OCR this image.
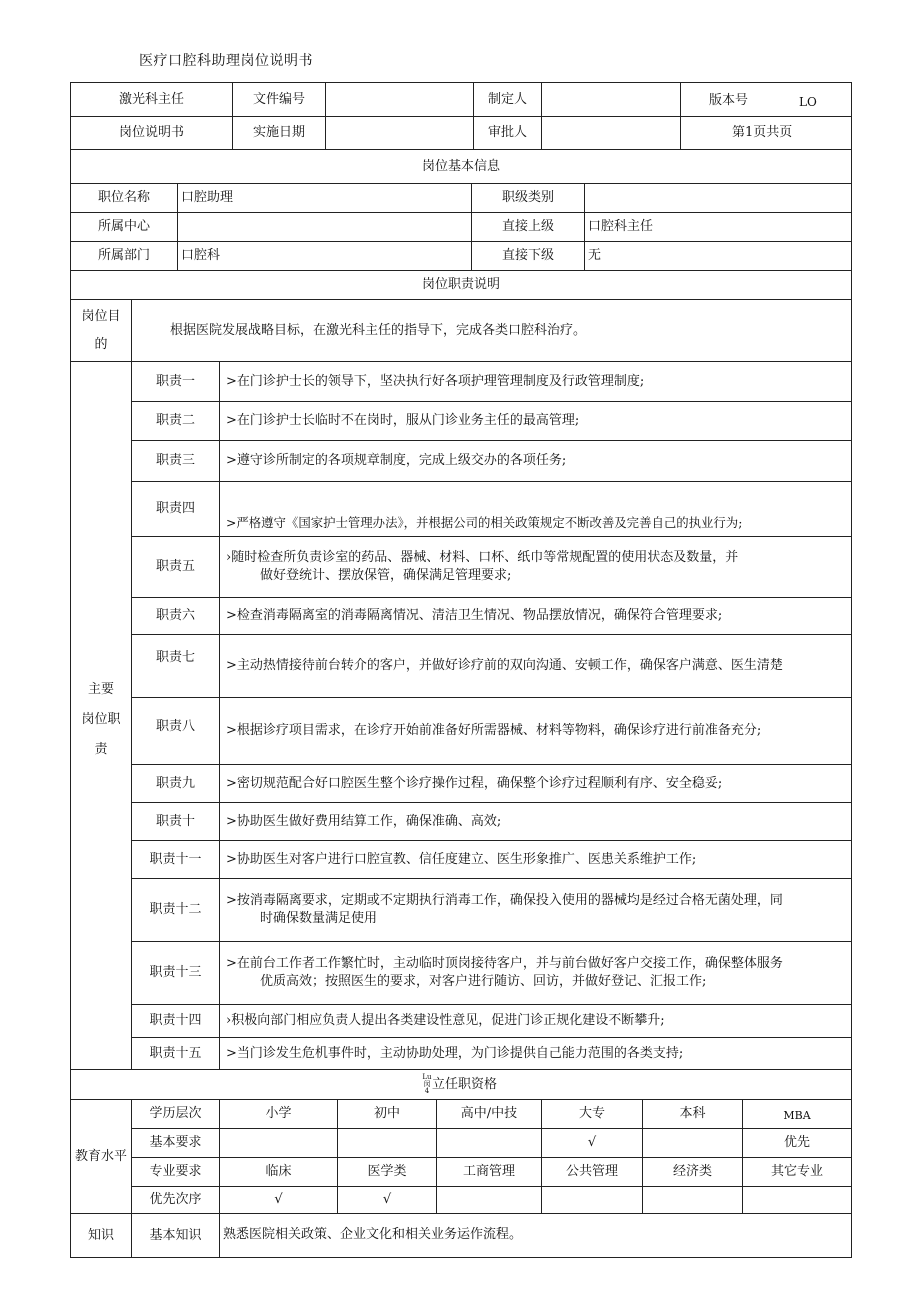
医疗口腔科助理岗位说明书
激光科主任	文件编号		制定人		版本号 LO

岗位说明书	实施日期		审批人		第1页共页
岗位基本信息			
职位名称	口腔助理	职级类别	
所属中心		直接上级	口腔科主任
所属部门	口腔科	直接下级	无
岗位职责说明		
岗位目
的	根据医院发展战略目标，在激光科主任的指导下，完成各类口腔科治疗。	
主要
岗位职
责	职责一	>在门诊护士长的领导下，坚决执行好各项护理管理制度及行政管理制度;
	职责二	>在门诊护士长临时不在岗时，服从门诊业务主任的最高管理;
	职责三	>遵守诊所制定的各项规章制度，完成上级交办的各项任务;
	职责四	>严格遵守《国家护士管理办法》，并根据公司的相关政策规定不断改善及完善自己的执业行为;
	职责五	›随时检查所负责诊室的药品、器械、材料、口杯、纸巾等常规配置的使用状态及数量，并
做好登统计、摆放保管，确保满足管理要求;

	职责六	>检查消毒隔离室的消毒隔离情况、清洁卫生情况、物品摆放情况，确保符合管理要求;
	职责七	>主动热情接待前台转介的客户，并做好诊疗前的双向沟通、安顿工作，确保客户满意、医生清楚
	职责八	>根据诊疗项目需求，在诊疗开始前准备好所需器械、材料等物料，确保诊疗进行前准备充分;
	职责九	>密切规范配合好口腔医生整个诊疗操作过程，确保整个诊疗过程顺利有序、安全稳妥;
	职责十	>协助医生做好费用结算工作，确保准确、高效;
	职责十一	>协助医生对客户进行口腔宣教、信任度建立、医生形象推广、医患关系维护工作;
	职责十二	>按消毒隔离要求，定期或不定期执行消毒工作，确保投入使用的器械均是经过合格无菌处理，同
时确保数量满足使用

	职责十三	>在前台工作者工作繁忙时，主动临时顶岗接待客户，并与前台做好客户交接工作，确保整体服务
优质高效；按照医生的要求，对客户进行随访、回访，并做好登记、汇报工作;

	职责十四	›积极向部门相应负责人提出各类建设性意见，促进门诊正规化建设不断攀升;
	职责十五	>当门诊发生危机事件时，主动协助处理，为门诊提供自己能力范围的各类支持;
Lu
闵4 立任职资格							
教育水平	学历层次	小学	初中	高中/中技	大专	本科	MBA
	基本要求				√		优先
	专业要求	临床	医学类	工商管理	公共管理	经济类	其它专业
	优先次序	√	√				
知识	基本知识	熟悉医院相关政策、企业文化和相关业务运作流程。					
